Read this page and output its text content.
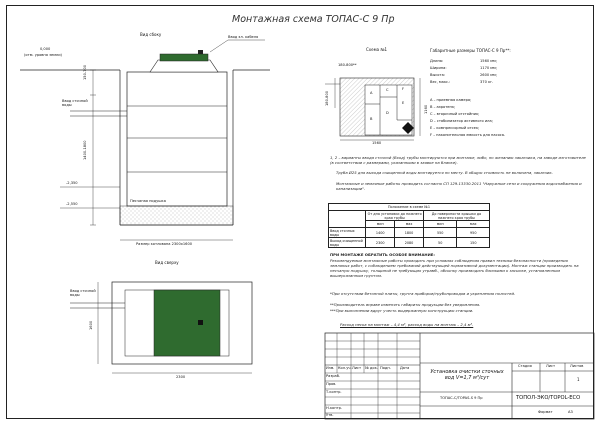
Монтажная схема ТОПАС-С 9 Пр
Вид сбоку	Ввод эл. кабеля
0,000
(отм. уровня земли)
Ввод сточной воды
Песчаная подушка
Размер котлована 2300х1600
150-700
1400-1800
-2,350
-2,550
Вид сверху
Ввод сточной воды
1600
2300
Схема №1
180-800**
180-800
1160
1560
A
B
C
D
E
F
Габаритные размеры ТОПАС-С 9 Пр**:
Длина:	1560 мм;
Ширина:	1170 мм;
Высота:	2600 мм;
Вес, макс.:	370 кг.
A – приемная камера;
B – аэротенк;
C – вторичный отстойник;
D – стабилизатор активного ила;
E – компрессорный отсек;
F – накопительная емкость для насоса.
1, 2 – варианты ввода сточной (Вход) трубы монтируются при монтаже, либо, по желанию заказчика, на заводе изготовителе (в соответствии с размерами, указанными в заявке на бланке).
Труба Ø25 для выхода очищенной воды монтируется по месту. В общую стоимость не включена, заказчик.
Монтажные и земляные работы проводить согласно СП 129.13330.2011 "Наружные сети и сооружения водоснабжения и канализации".
Положение в схеме №1				
	От дна установки до нижнего края трубы		До поверхности крышки до нижнего края трубы	
	мин	мах	мин	мах
Ввод сточных воды	1400	1800	550	950
Выход очищенной воды	2300	2080	50	150
ПРИ МОНТАЖЕ ОБРАТИТЬ ОСОБОЕ ВНИМАНИЕ:
Рекомендуемые монтажные работы проводить при условиях соблюдения правил техники безопасности (проведения земляных работ, с соблюдением требований действующей нормативной документации). Монтаж станции производить на песчаную подушку, толщиной не требующих утрамб., обсыпку производить близкими к засыпке, установленным вышеуказанным грунтом.
*При отсутствии бетонной плиты, грунта приборов/трубопроводов и укрепления полостей.
**Производитель вправе изменять габариты продукции без уведомления.
***При выполнении вдруг учесть выдержанную конструкцию станции.
Расход песка на монтаж – 4,4 м³, расход воды на монтаж – 2,4 м³.
Изм. Кол.уч. Лист № док. Подп.	Дата
Разраб.
Пров.
Т.контр.
Н.контр.
Утв.
Установка очистки сточных вод V=1,7 м³/сут
ТОПАС-С/TOPAS-S 9 Пр
Стадия	Лист	Листов
1
ТОПОЛ-ЭКО/TOPOL-ECO
Формат	А3
